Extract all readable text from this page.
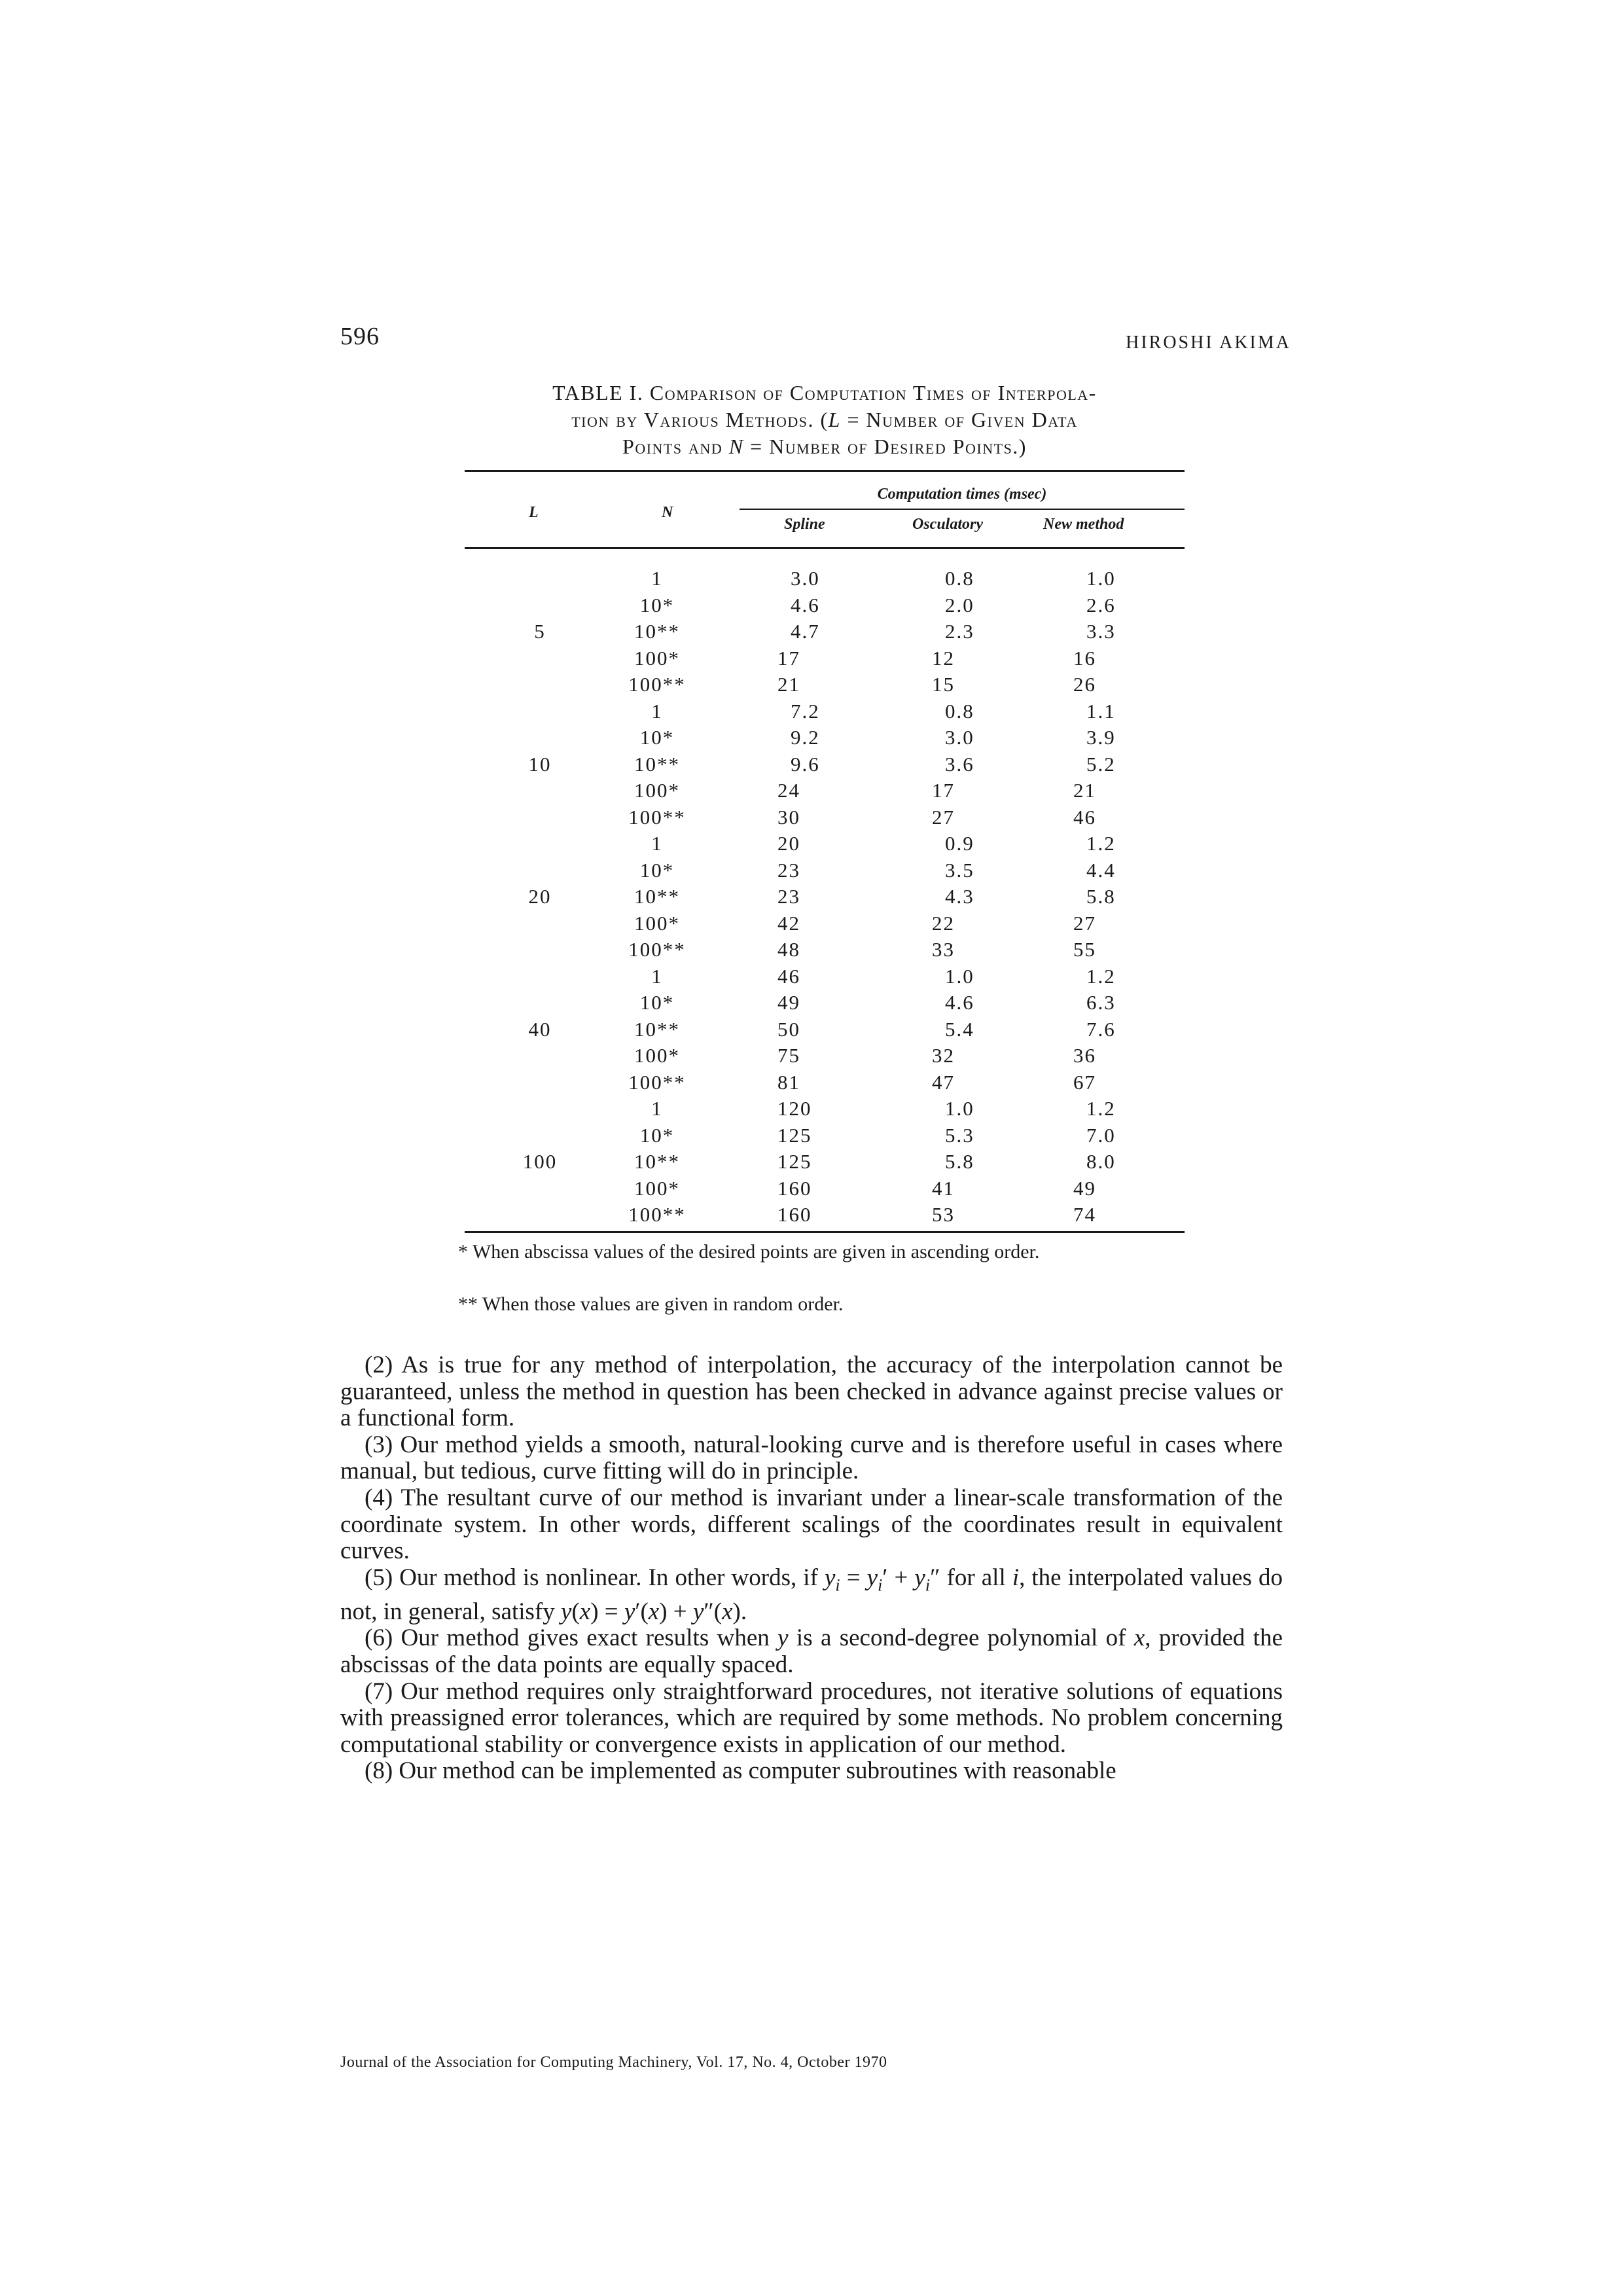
596	HIROSHI AKIMA
TABLE I. Comparison of Computation Times of Interpola-
tion by Various Methods. (L = Number of Given Data
Points and N = Number of Desired Points.)
L	N
Computation times (msec)
Spline	Osculatory	New method
5
1	3.0	0.8	1.0
10*	4.6	2.0	2.6
10**	4.7	2.3	3.3
100*	17	12	16
100**	21	15	26
10
1	7.2	0.8	1.1
10*	9.2	3.0	3.9
10**	9.6	3.6	5.2
100*	24	17	21
100**	30	27	46
20
1	20	0.9	1.2
10*	23	3.5	4.4
10**	23	4.3	5.8
100*	42	22	27
100**	48	33	55
40
1	46	1.0	1.2
10*	49	4.6	6.3
10**	50	5.4	7.6
100*	75	32	36
100**	81	47	67
100
1	120	1.0	1.2
10*	125	5.3	7.0
10**	125	5.8	8.0
100*	160	41	49
100**	160	53	74
* When abscissa values of the desired points are given in ascending order.
** When those values are given in random order.

(2) As is true for any method of interpolation, the accuracy of the interpolation cannot be guaranteed, unless the method in question has been checked in advance against precise values or a functional form.

(3) Our method yields a smooth, natural-looking curve and is therefore useful in cases where manual, but tedious, curve fitting will do in principle.

(4) The resultant curve of our method is invariant under a linear-scale transformation of the coordinate system. In other words, different scalings of the coordinates result in equivalent curves.

(5) Our method is nonlinear. In other words, if $y_i = y_i' + y_i''$ for all i, the interpolated values do not, in general, satisfy y(x) = y′(x) + y″(x).

(6) Our method gives exact results when y is a second-degree polynomial of x, provided the abscissas of the data points are equally spaced.

(7) Our method requires only straightforward procedures, not iterative solutions of equations with preassigned error tolerances, which are required by some methods. No problem concerning computational stability or convergence exists in application of our method.

(8) Our method can be implemented as computer subroutines with reasonable

Journal of the Association for Computing Machinery, Vol. 17, No. 4, October 1970
